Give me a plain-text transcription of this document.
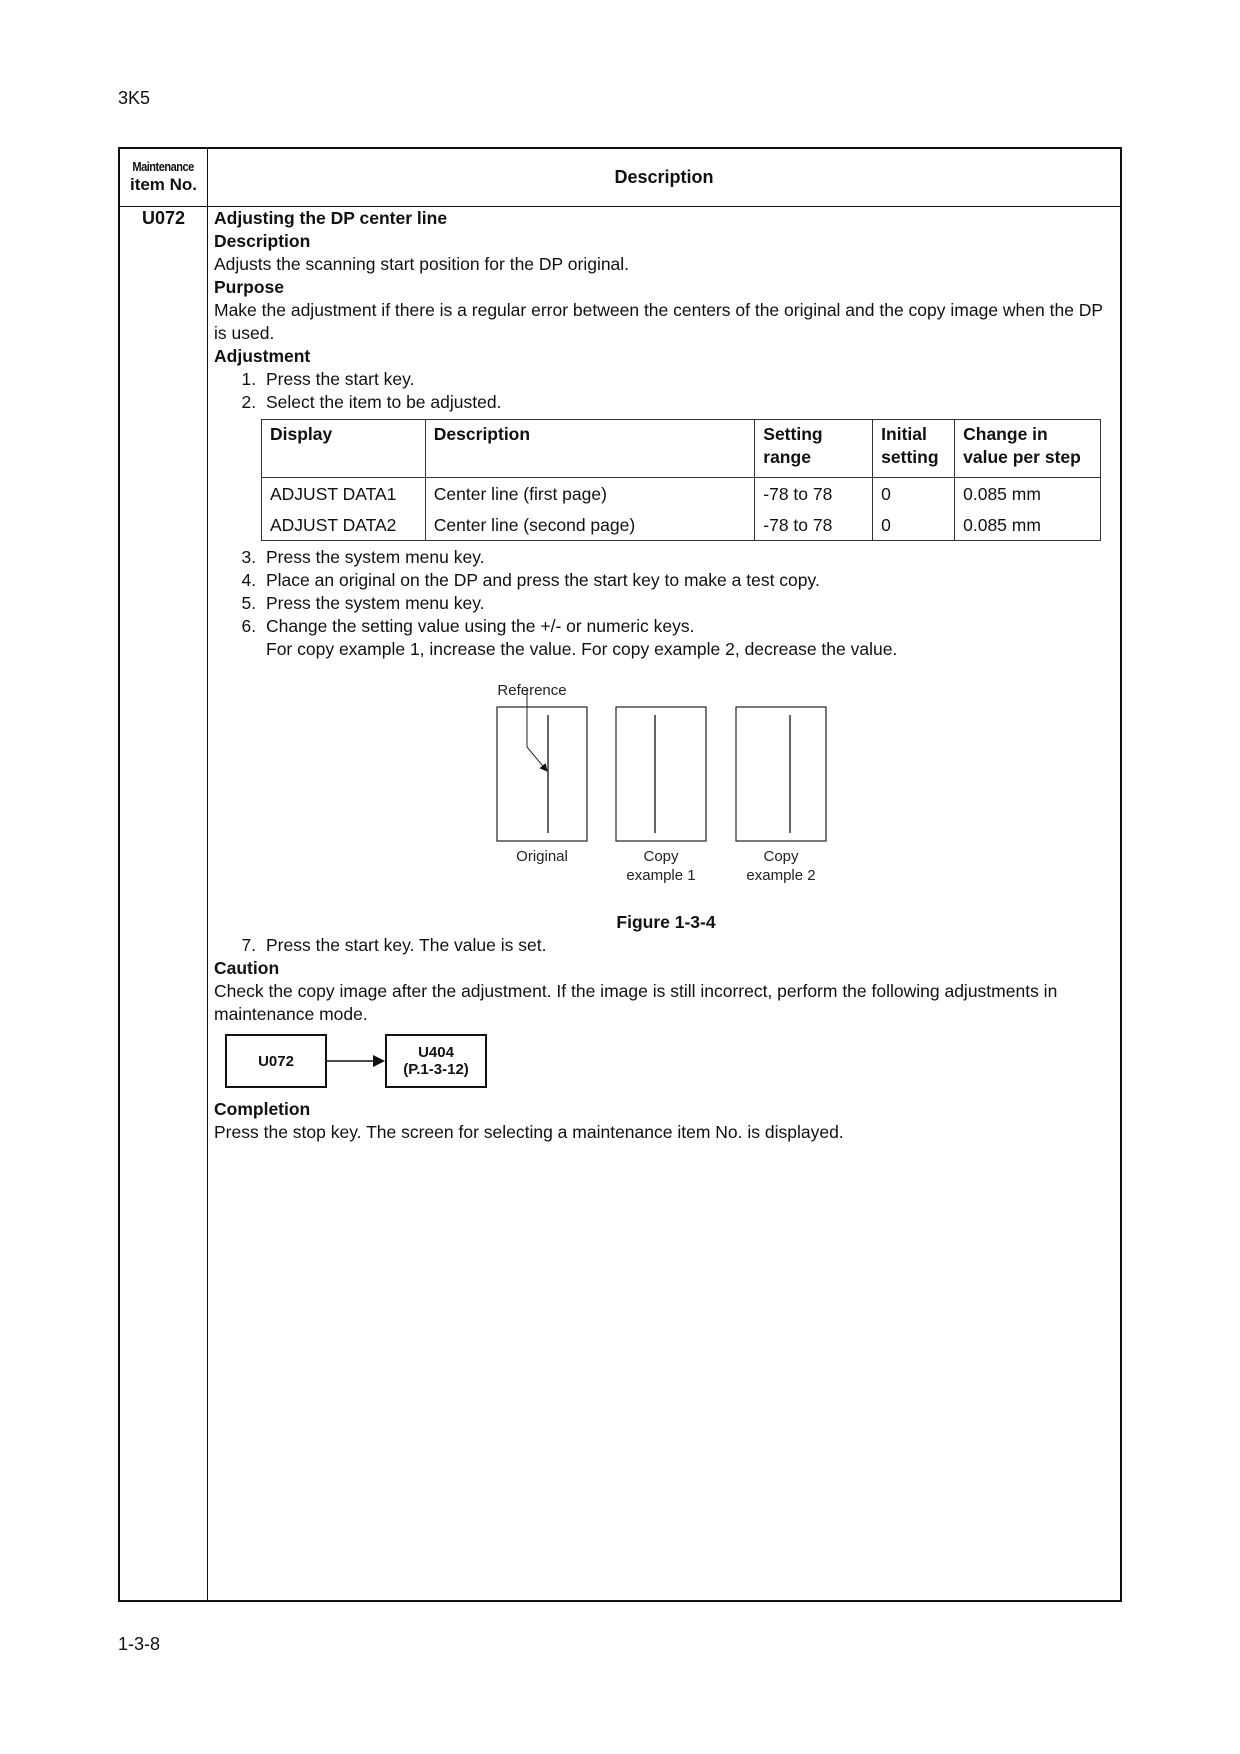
3K5
Maintenance
item No.	Description
U072	Adjusting the DP center line

Description

Adjusts the scanning start position for the DP original.

Purpose

Make the adjustment if there is a regular error between the centers of the original and the copy image when the DP is used.

Adjustment

1. Press the start key.
2. Select the item to be adjusted.
Display	Description	Setting range	Initial setting	Change in value per step
ADJUST DATA1	Center line (first page)	-78 to 78	0	0.085 mm
ADJUST DATA2	Center line (second page)	-78 to 78	0	0.085 mm
3. Press the system menu key.
4. Place an original on the DP and press the start key to make a test copy.
5. Press the system menu key.
6. Change the setting value using the +/- or numeric keys.
For copy example 1, increase the value. For copy example 2, decrease the value.
Reference
Original	Copy
example 1
Copy
example 2

Figure 1-3-4

7. Press the start key. The value is set.

Caution

Check the copy image after the adjustment. If the image is still incorrect, perform the following adjustments in maintenance mode.

U072	U404
(P.1-3-12)

Completion

Press the stop key. The screen for selecting a maintenance item No. is displayed.

1-3-8
